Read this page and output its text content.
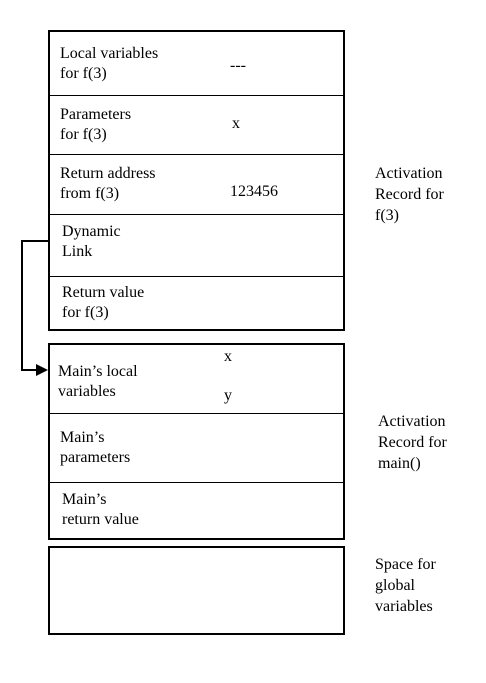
Local variables
for f(3)	---
Parameters
for f(3)
x
Return address
from f(3)	123456
Dynamic
Link
Return value
for f(3)
Activation
Record for
f(3)
Main’s local
variables
x
y
Main’s
parameters
Main’s
return value
Activation
Record for
main()
Space for
global
variables
